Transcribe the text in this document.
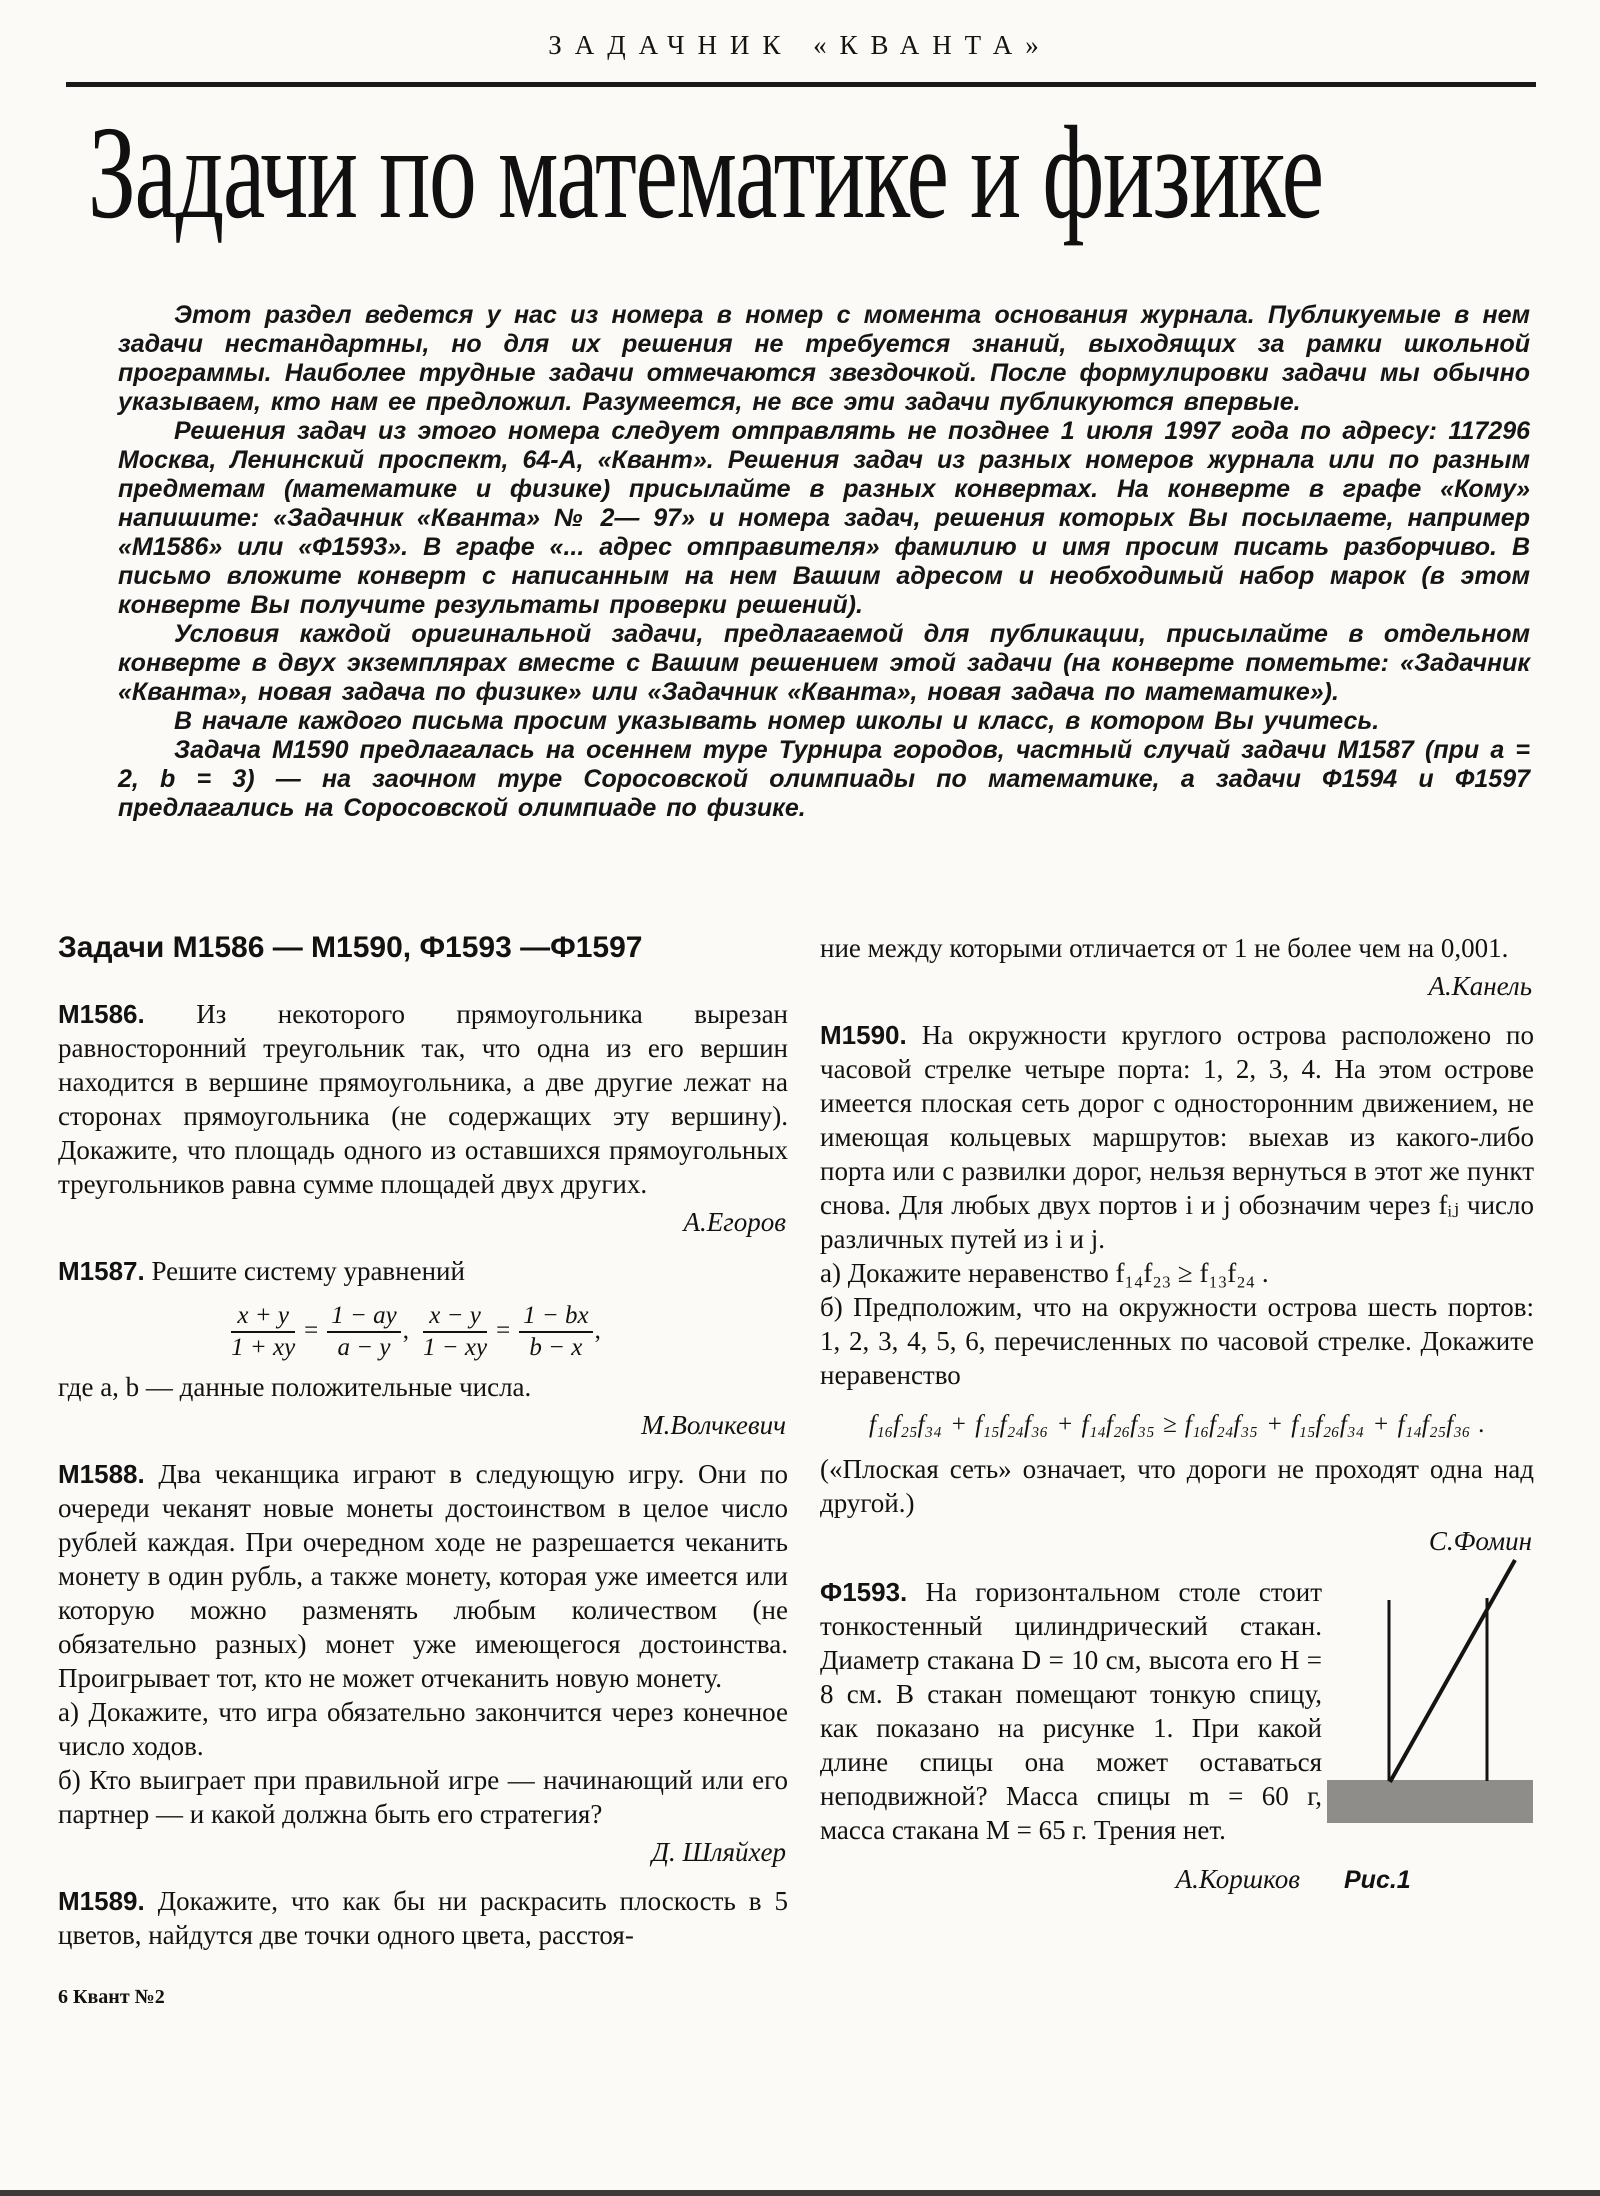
ЗАДАЧНИК «КВАНТА»
Задачи по математике и физике

Этот раздел ведется у нас из номера в номер с момента основания журнала. Публикуемые в нем задачи нестандартны, но для их решения не требуется знаний, выходящих за рамки школьной программы. Наиболее трудные задачи отмечаются звездочкой. После формулировки задачи мы обычно указываем, кто нам ее предложил. Разумеется, не все эти задачи публикуются впервые.

Решения задач из этого номера следует отправлять не позднее 1 июля 1997 года по адресу: 117296 Москва, Ленинский проспект, 64-А, «Квант». Решения задач из разных номеров журнала или по разным предметам (математике и физике) присылайте в разных конвертах. На конверте в графе «Кому» напишите: «Задачник «Кванта» № 2— 97» и номера задач, решения которых Вы посылаете, например «М1586» или «Ф1593». В графе «... адрес отправителя» фамилию и имя просим писать разборчиво. В письмо вложите конверт с написанным на нем Вашим адресом и необходимый набор марок (в этом конверте Вы получите результаты проверки решений).

Условия каждой оригинальной задачи, предлагаемой для публикации, присылайте в отдельном конверте в двух экземплярах вместе с Вашим решением этой задачи (на конверте пометьте: «Задачник «Кванта», новая задача по физике» или «Задачник «Кванта», новая задача по математике»).

В начале каждого письма просим указывать номер школы и класс, в котором Вы учитесь.

Задача М1590 предлагалась на осеннем туре Турнира городов, частный случай задачи М1587 (при a = 2, b = 3) — на заочном туре Соросовской олимпиады по математике, а задачи Ф1594 и Ф1597 предлагались на Соросовской олимпиаде по физике.

Задачи М1586 — М1590, Ф1593 —Ф1597

М1586. Из некоторого прямоугольника вырезан равносторонний треугольник так, что одна из его вершин находится в вершине прямоугольника, а две другие лежат на сторонах прямоугольника (не содержащих эту вершину). Докажите, что площадь одного из оставшихся прямоугольных треугольников равна сумме площадей двух других.

А.Егоров

М1587. Решите систему уравнений

$\frac{x + y}{1 + xy} = \frac{1 - ay}{a - y}$ , $\frac{x - y}{1 - xy} = \frac{1 - bx}{b - x}$ ,

где a, b — данные положительные числа.

М.Волчкевич

М1588. Два чеканщика играют в следующую игру. Они по очереди чеканят новые монеты достоинством в целое число рублей каждая. При очередном ходе не разрешается чеканить монету в один рубль, а также монету, которая уже имеется или которую можно разменять любым количеством (не обязательно разных) монет уже имеющегося достоинства. Проигрывает тот, кто не может отчеканить новую монету.

а) Докажите, что игра обязательно закончится через конечное число ходов.

б) Кто выиграет при правильной игре — начинающий или его партнер — и какой должна быть его стратегия?

Д. Шляйхер

М1589. Докажите, что как бы ни раскрасить плоскость в 5 цветов, найдутся две точки одного цвета, расстоя-

6 Квант №2

ние между которыми отличается от 1 не более чем на 0,001.

А.Канель

М1590. На окружности круглого острова расположено по часовой стрелке четыре порта: 1, 2, 3, 4. На этом острове имеется плоская сеть дорог с односторонним движением, не имеющая кольцевых маршрутов: выехав из какого-либо порта или с развилки дорог, нельзя вернуться в этот же пункт снова. Для любых двух портов i и j обозначим через fᵢⱼ число различных путей из i и j.

а) Докажите неравенство f₁₄f₂₃ ≥ f₁₃f₂₄ .

б) Предположим, что на окружности острова шесть портов: 1, 2, 3, 4, 5, 6, перечисленных по часовой стрелке. Докажите неравенство

f₁₆f₂₅f₃₄ + f₁₅f₂₄f₃₆ + f₁₄f₂₆f₃₅ ≥ f₁₆f₂₄f₃₅ + f₁₅f₂₆f₃₄ + f₁₄f₂₅f₃₆ .

(«Плоская сеть» означает, что дороги не проходят одна над другой.)

С.Фомин

Ф1593. На горизонтальном столе стоит тонкостенный цилиндрический стакан. Диаметр стакана D = 10 см, высота его H = 8 см. В стакан помещают тонкую спицу, как показано на рисунке 1. При какой длине спицы она может оставаться неподвижной? Масса спицы m = 60 г, масса стакана M = 65 г. Трения нет.

А.Коршков Рис.1
